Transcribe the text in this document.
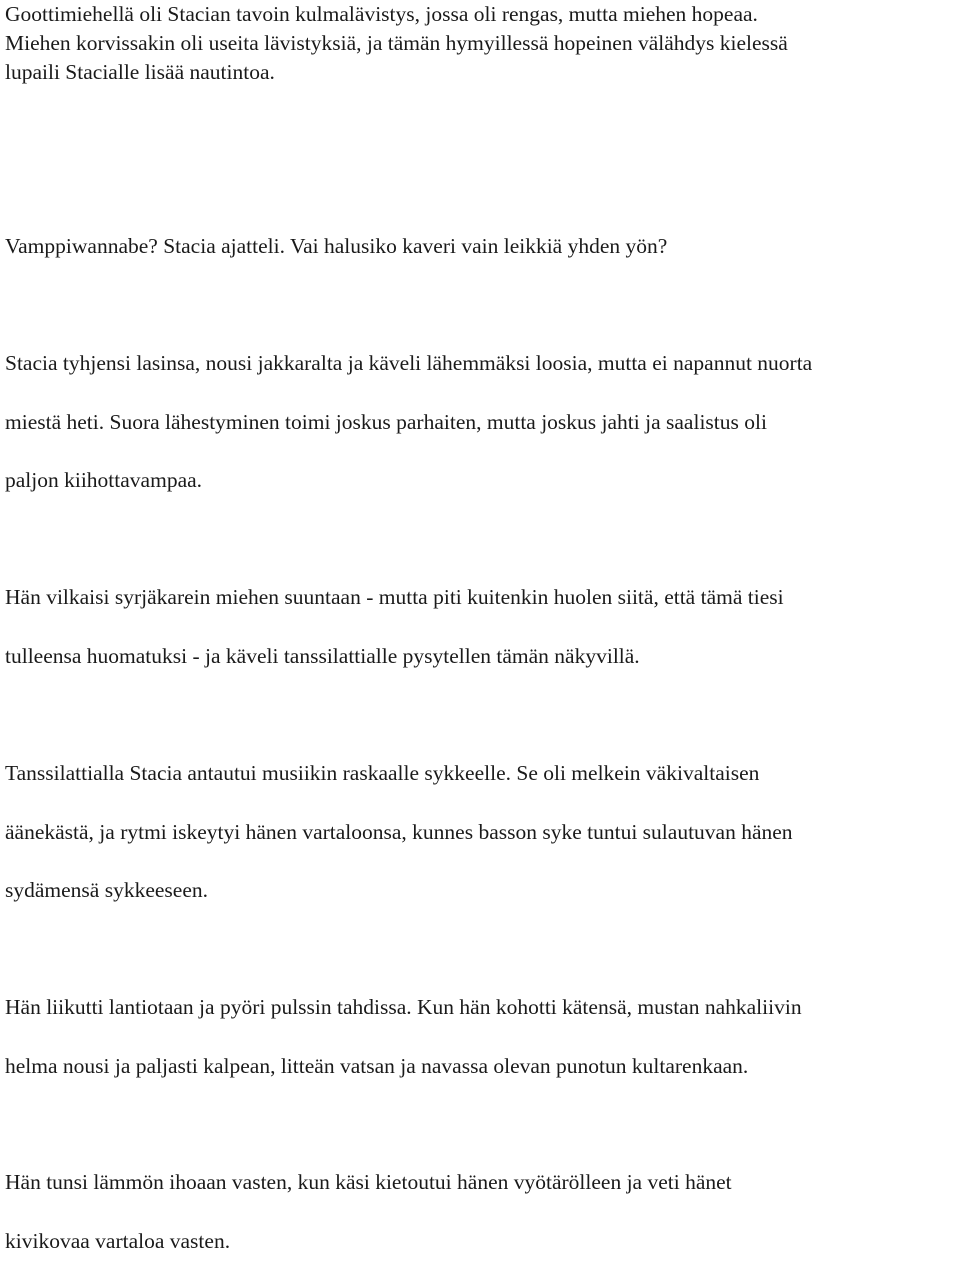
Goottimiehellä oli Stacian tavoin kulmalävistys, jossa oli rengas, mutta miehen hopeaa.
Miehen korvissakin oli useita lävistyksiä, ja tämän hymyillessä hopeinen välähdys kielessä
lupaili Stacialle lisää nautintoa.

Vamppiwannabe? Stacia ajatteli. Vai halusiko kaveri vain leikkiä yhden yön?

Stacia tyhjensi lasinsa, nousi jakkaralta ja käveli lähemmäksi loosia, mutta ei napannut nuorta
miestä heti. Suora lähestyminen toimi joskus parhaiten, mutta joskus jahti ja saalistus oli
paljon kiihottavampaa.

Hän vilkaisi syrjäkarein miehen suuntaan - mutta piti kuitenkin huolen siitä, että tämä tiesi
tulleensa huomatuksi - ja käveli tanssilattialle pysytellen tämän näkyvillä.

Tanssilattialla Stacia antautui musiikin raskaalle sykkeelle. Se oli melkein väkivaltaisen
äänekästä, ja rytmi iskeytyi hänen vartaloonsa, kunnes basson syke tuntui sulautuvan hänen
sydämensä sykkeeseen.

Hän liikutti lantiotaan ja pyöri pulssin tahdissa. Kun hän kohotti kätensä, mustan nahkaliivin
helma nousi ja paljasti kalpean, litteän vatsan ja navassa olevan punotun kultarenkaan.

Hän tunsi lämmön ihoaan vasten, kun käsi kietoutui hänen vyötärölleen ja veti hänet
kivikovaa vartaloa vasten.
